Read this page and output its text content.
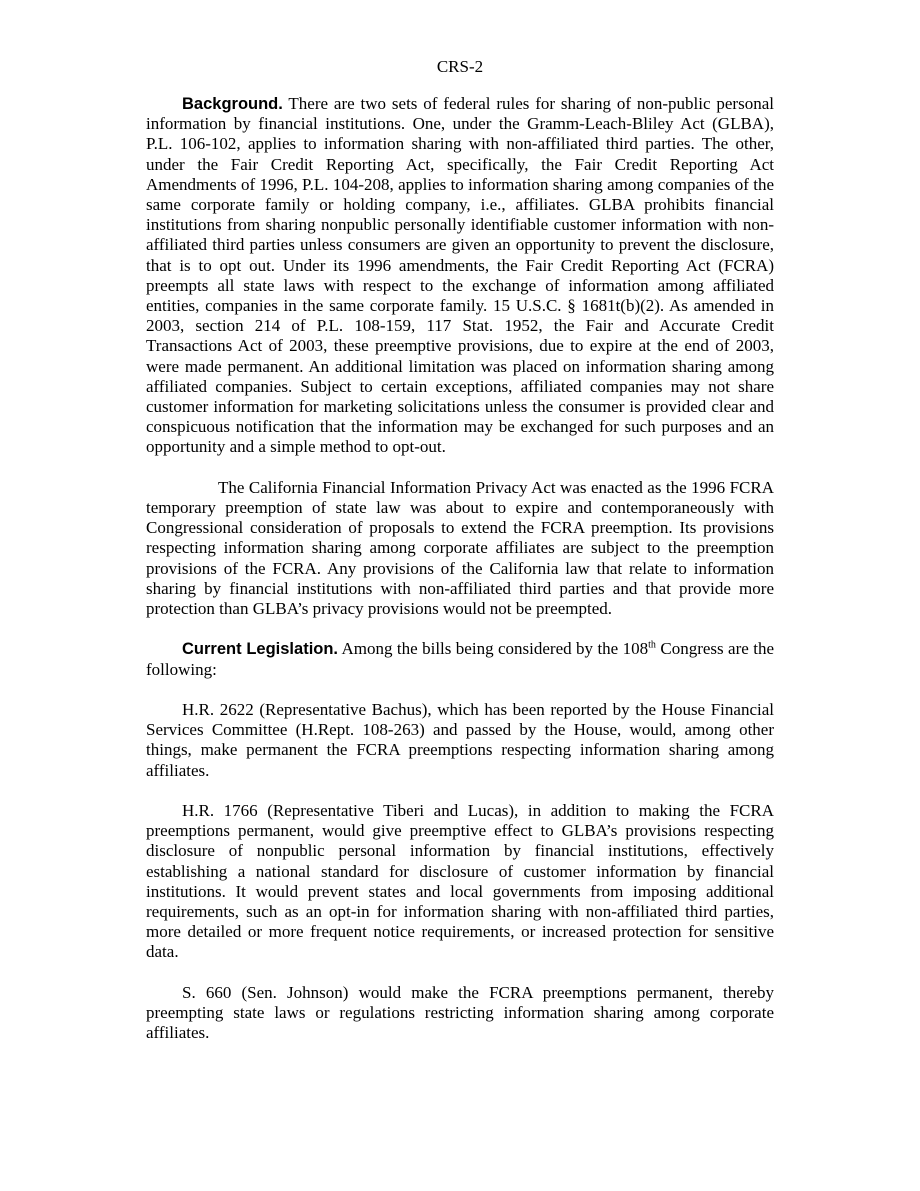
CRS-2

Background. There are two sets of federal rules for sharing of non-public personal information by financial institutions. One, under the Gramm-Leach-Bliley Act (GLBA), P.L. 106-102, applies to information sharing with non-affiliated third parties. The other, under the Fair Credit Reporting Act, specifically, the Fair Credit Reporting Act Amendments of 1996, P.L. 104-208, applies to information sharing among companies of the same corporate family or holding company, i.e., affiliates. GLBA prohibits financial institutions from sharing nonpublic personally identifiable customer information with non-affiliated third parties unless consumers are given an opportunity to prevent the disclosure, that is to opt out. Under its 1996 amendments, the Fair Credit Reporting Act (FCRA) preempts all state laws with respect to the exchange of information among affiliated entities, companies in the same corporate family. 15 U.S.C. § 1681t(b)(2). As amended in 2003, section 214 of P.L. 108-159, 117 Stat. 1952, the Fair and Accurate Credit Transactions Act of 2003, these preemptive provisions, due to expire at the end of 2003, were made permanent. An additional limitation was placed on information sharing among affiliated companies. Subject to certain exceptions, affiliated companies may not share customer information for marketing solicitations unless the consumer is provided clear and conspicuous notification that the information may be exchanged for such purposes and an opportunity and a simple method to opt-out.

The California Financial Information Privacy Act was enacted as the 1996 FCRA temporary preemption of state law was about to expire and contemporaneously with Congressional consideration of proposals to extend the FCRA preemption. Its provisions respecting information sharing among corporate affiliates are subject to the preemption provisions of the FCRA. Any provisions of the California law that relate to information sharing by financial institutions with non-affiliated third parties and that provide more protection than GLBA’s privacy provisions would not be preempted.

Current Legislation. Among the bills being considered by the 108th Congress are the following:

H.R. 2622 (Representative Bachus), which has been reported by the House Financial Services Committee (H.Rept. 108-263) and passed by the House, would, among other things, make permanent the FCRA preemptions respecting information sharing among affiliates.

H.R. 1766 (Representative Tiberi and Lucas), in addition to making the FCRA preemptions permanent, would give preemptive effect to GLBA’s provisions respecting disclosure of nonpublic personal information by financial institutions, effectively establishing a national standard for disclosure of customer information by financial institutions. It would prevent states and local governments from imposing additional requirements, such as an opt-in for information sharing with non-affiliated third parties, more detailed or more frequent notice requirements, or increased protection for sensitive data.

S. 660 (Sen. Johnson) would make the FCRA preemptions permanent, thereby preempting state laws or regulations restricting information sharing among corporate affiliates.
